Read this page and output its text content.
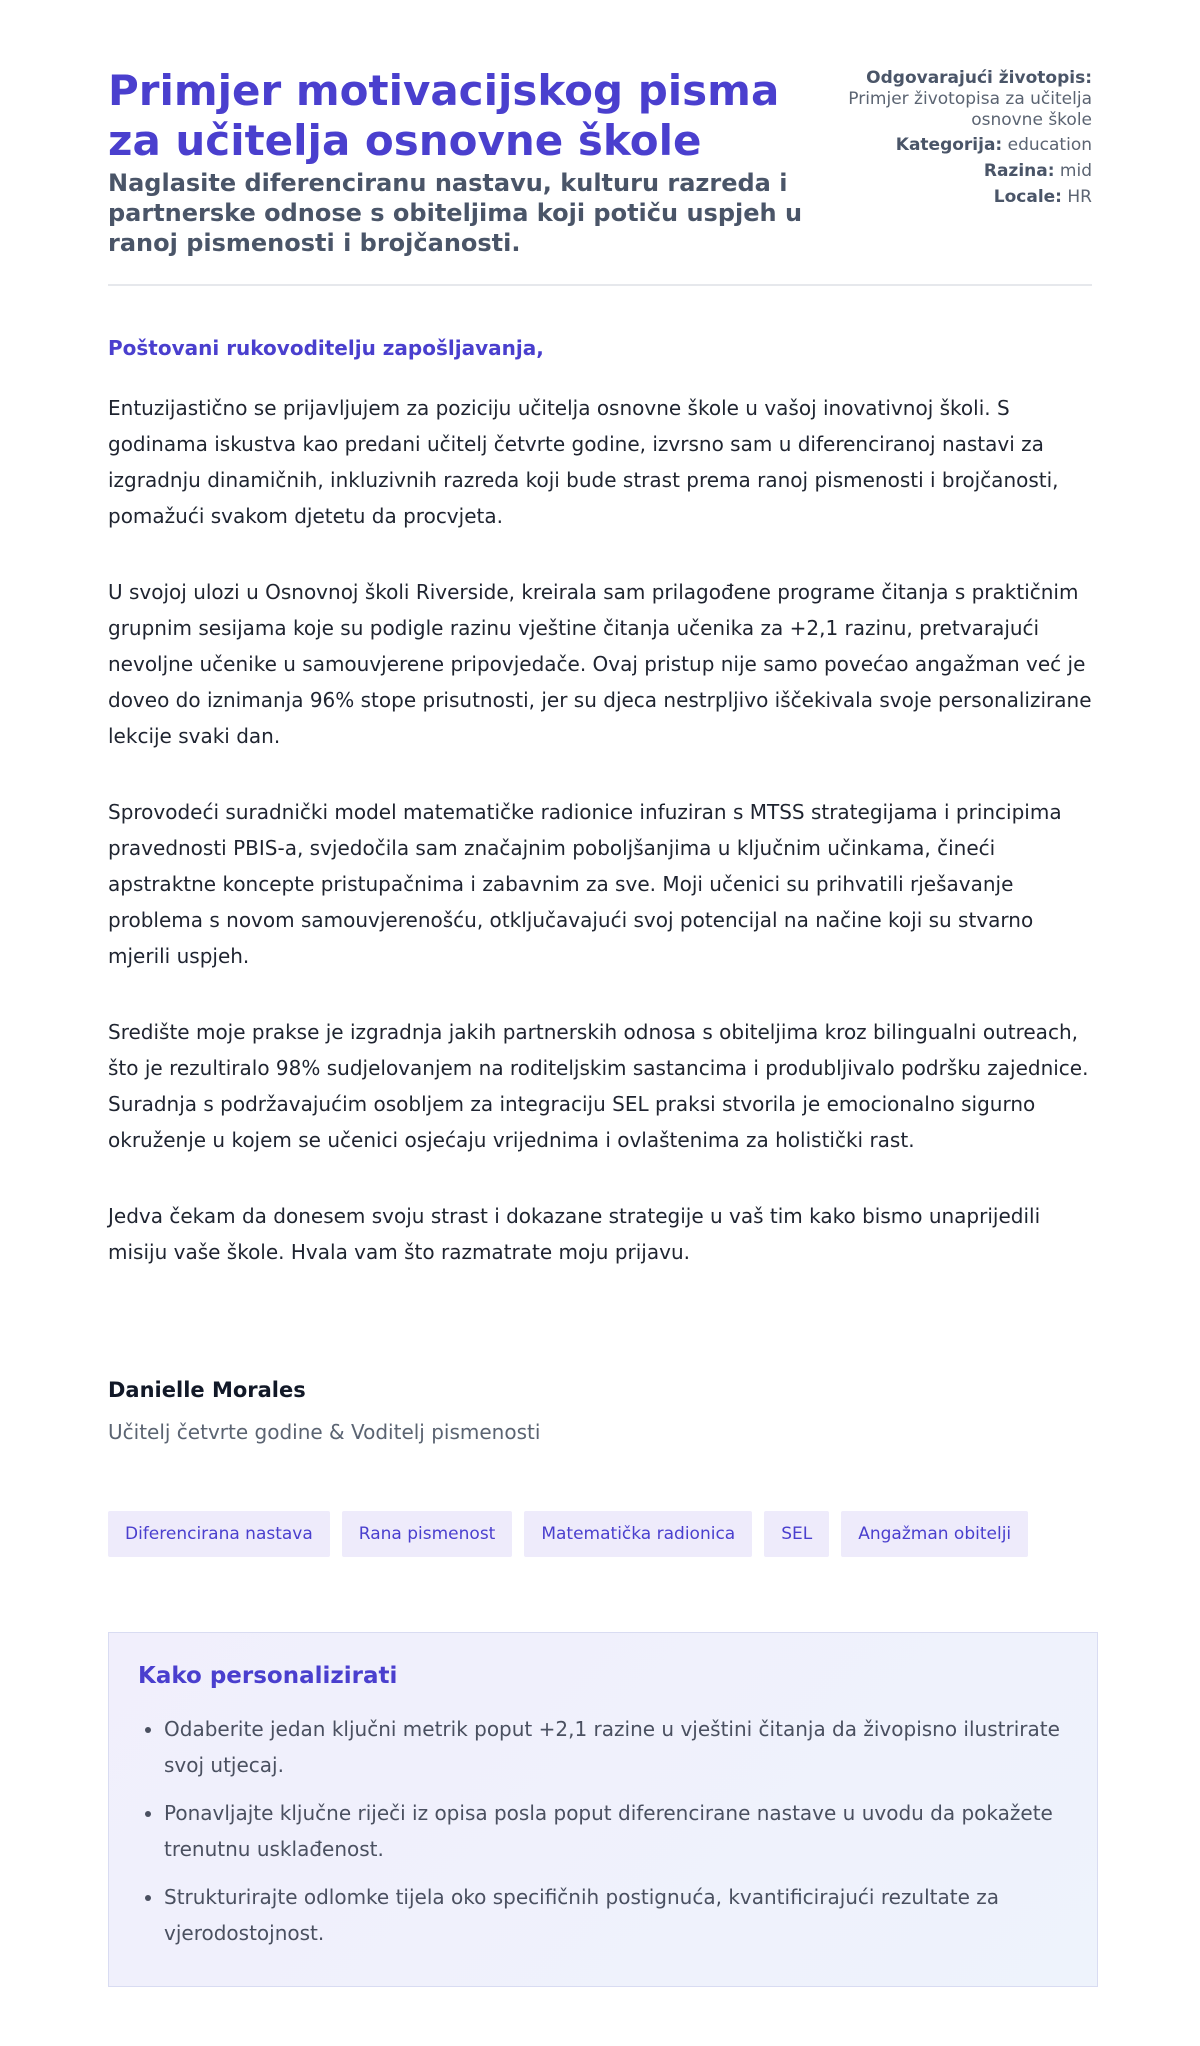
Primjer motivacijskog pisma za učitelja osnovne škole

Naglasite diferenciranu nastavu, kulturu razreda i partnerske odnose s obiteljima koji potiču uspjeh u ranoj pismenosti i brojčanosti.

Odgovarajući životopis:
Primjer životopisa za učitelja osnovne škole
Kategorija: education
Razina: mid
Locale: HR

Poštovani rukovoditelju zapošljavanja,

Entuzijastično se prijavljujem za poziciju učitelja osnovne škole u vašoj inovativnoj školi. S godinama iskustva kao predani učitelj četvrte godine, izvrsno sam u diferenciranoj nastavi za izgradnju dinamičnih, inkluzivnih razreda koji bude strast prema ranoj pismenosti i brojčanosti, pomažući svakom djetetu da procvjeta.

U svojoj ulozi u Osnovnoj školi Riverside, kreirala sam prilagođene programe čitanja s praktičnim grupnim sesijama koje su podigle razinu vještine čitanja učenika za +2,1 razinu, pretvarajući nevoljne učenike u samouvjerene pripovjedače. Ovaj pristup nije samo povećao angažman već je doveo do iznimanja 96% stope prisutnosti, jer su djeca nestrpljivo iščekivala svoje personalizirane lekcije svaki dan.

Sprovodeći suradnički model matematičke radionice infuziran s MTSS strategijama i principima pravednosti PBIS-a, svjedočila sam značajnim poboljšanjima u ključnim učinkama, čineći apstraktne koncepte pristupačnima i zabavnim za sve. Moji učenici su prihvatili rješavanje problema s novom samouvjerenošću, otključavajući svoj potencijal na načine koji su stvarno mjerili uspjeh.

Središte moje prakse je izgradnja jakih partnerskih odnosa s obiteljima kroz bilingualni outreach, što je rezultiralo 98% sudjelovanjem na roditeljskim sastancima i produbljivalo podršku zajednice. Suradnja s podržavajućim osobljem za integraciju SEL praksi stvorila je emocionalno sigurno okruženje u kojem se učenici osjećaju vrijednima i ovlaštenima za holistički rast.

Jedva čekam da donesem svoju strast i dokazane strategije u vaš tim kako bismo unaprijedili misiju vaše škole. Hvala vam što razmatrate moju prijavu.

Danielle Morales

Učitelj četvrte godine & Voditelj pismenosti

Diferencirana nastava	Rana pismenost	Matematička radionica	SEL	Angažman obitelji
Kako personalizirati
• Odaberite jedan ključni metrik poput +2,1 razine u vještini čitanja da živopisno ilustrirate svoj utjecaj.
• Ponavljajte ključne riječi iz opisa posla poput diferencirane nastave u uvodu da pokažete trenutnu usklađenost.
• Strukturirajte odlomke tijela oko specifičnih postignuća, kvantificirajući rezultate za vjerodostojnost.
